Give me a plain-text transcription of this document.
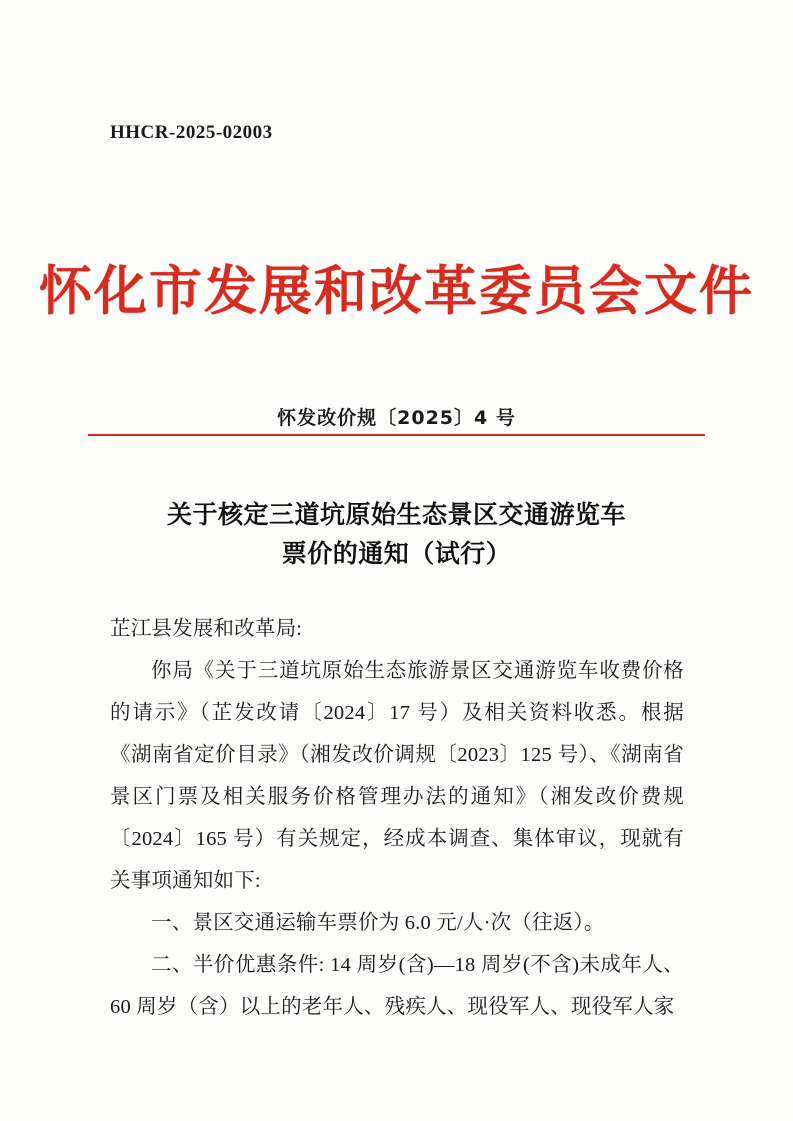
HHCR-2025-02003
怀化市发展和改革委员会文件
怀发改价规〔2025〕4 号
关于核定三道坑原始生态景区交通游览车
票价的通知（试行）

芷江县发展和改革局:

你局《关于三道坑原始生态旅游景区交通游览车收费价格的请示》（芷发改请〔2024〕17 号）及相关资料收悉。根据《湖南省定价目录》（湘发改价调规〔2023〕125 号）、《湖南省景区门票及相关服务价格管理办法的通知》（湘发改价费规〔2024〕165 号）有关规定，经成本调查、集体审议，现就有关事项通知如下:

一、景区交通运输车票价为 6.0 元/人·次（往返）。

二、半价优惠条件: 14 周岁(含)—18 周岁(不含)未成年人、60 周岁（含）以上的老年人、残疾人、现役军人、现役军人家
